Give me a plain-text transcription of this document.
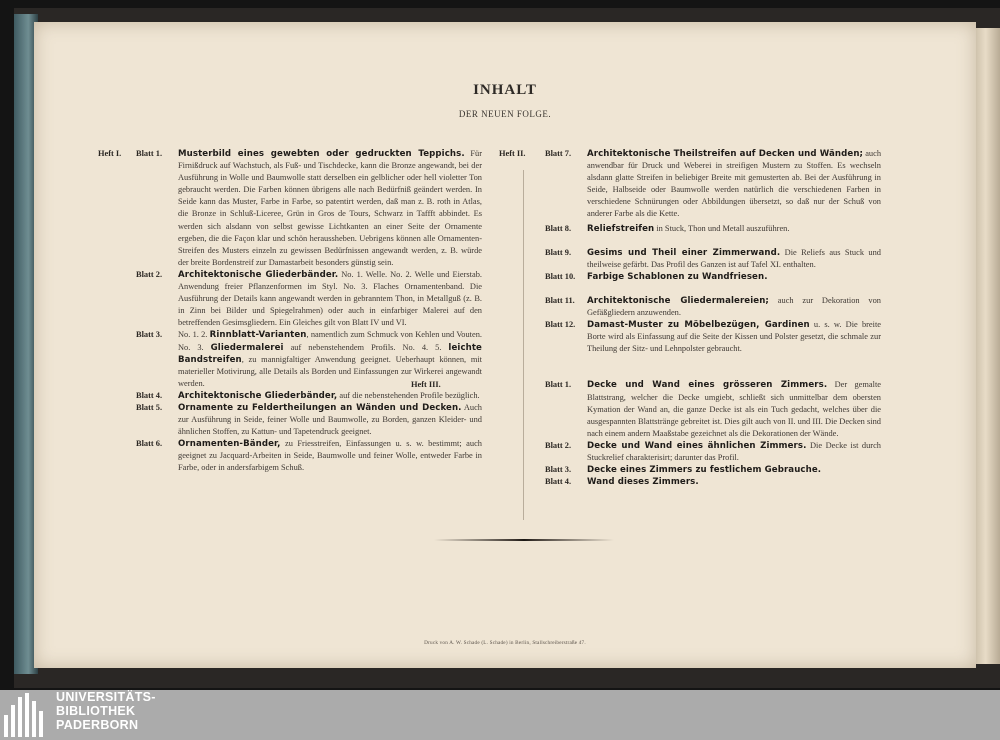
INHALT
DER NEUEN FOLGE.
Heft I. Blatt 1. Musterbild eines gewebten oder gedruckten Teppichs. Für Firnißdruck auf Wachstuch, als Fuß- und Tischdecke, kann die Bronze angewandt, bei der Ausführung in Wolle und Baumwolle statt derselben ein gelblicher oder hell violetter Ton gebraucht werden. Die Farben können übrigens alle nach Bedürfniß geändert werden. In Seide kann das Muster, Farbe in Farbe, so patentirt werden, daß man z. B. roth in Atlas, die Bronze in Schluß-Liceree, Grün in Gros de Tours, Schwarz in Taffft abbindet. Es werden sich alsdann von selbst gewisse Lichtkanten an einer Seite der Ornamente ergeben, die die Façon klar und schön heraussheben. Uebrigens können alle Ornamenten-Streifen des Musters einzeln zu gewissen Bedürfnissen angewandt werden, z. B. würde der breite Bordenstreif zur Damastarbeit besonders günstig sein.
Blatt 2. Architektonische Gliederbänder. No. 1. Welle. No. 2. Welle und Eierstab. Anwendung freier Pflanzenformen im Styl. No. 3. Flaches Ornamentenband. Die Ausführung der Details kann angewandt werden in gebranntem Thon, in Metallguß (z. B. in Zinn bei Bilder und Spiegelrahmen) oder auch in einfarbiger Malerei auf den betreffenden Gesimsgliedern. Ein Gleiches gilt von Blatt IV und VI.
Blatt 3. No. 1. 2. Rinnblatt-Varianten, namentlich zum Schmuck von Kehlen und Vouten. No. 3. Gliedermalerei auf nebenstehendem Profils. No. 4. 5. leichte Bandstreifen, zu mannigfaltiger Anwendung geeignet. Ueberhaupt können, mit materieller Motivirung, alle Details als Borden und Einfassungen zur Wirkerei angewandt werden.
Blatt 4. Architektonische Gliederbänder, auf die nebenstehenden Profile bezüglich.
Blatt 5. Ornamente zu Feldertheilungen an Wänden und Decken. Auch zur Ausführung in Seide, feiner Wolle und Baumwolle, zu Borden, ganzen Kleider- und ähnlichen Stoffen, zu Kattun- und Tapetendruck geeignet.
Blatt 6. Ornamenten-Bänder, zu Friesstreifen, Einfassungen u. s. w. bestimmt; auch geeignet zu Jacquard-Arbeiten in Seide, Baumwolle und feiner Wolle, entweder Farbe in Farbe, oder in andersfarbigem Schuß.
Heft II. Blatt 7. Architektonische Theilstreifen auf Decken und Wänden; auch anwendbar für Druck und Weberei in streifigen Mustern zu Stoffen. Es wechseln alsdann glatte Streifen in beliebiger Breite mit gemusterten ab. Bei der Ausführung in Seide, Halbseide oder Baumwolle werden natürlich die verschiedenen Farben in verschiedene Schnürungen oder Abbildungen übersetzt, so daß nur der Schuß von anderer Farbe als die Kette.
Blatt 8. Reliefstreifen in Stuck, Thon und Metall auszuführen.
Blatt 9. Gesims und Theil einer Zimmerwand. Die Reliefs aus Stuck und theilweise gefärbt. Das Profil des Ganzen ist auf Tafel XI. enthalten.
Blatt 10. Farbige Schablonen zu Wandfriesen.
Blatt 11. Architektonische Gliedermalereien; auch zur Dekoration von Gefäßgliedern anzuwenden.
Blatt 12. Damast-Muster zu Möbelbezügen, Gardinen u. s. w. Die breite Borte wird als Einfassung auf die Seite der Kissen und Polster gesetzt, die schmale zur Theilung der Sitz- und Lehnpolster gebraucht.
Heft III.	Blatt 1. Decke und Wand eines grösseren Zimmers. Der gemalte Blattstrang, welcher die Decke umgiebt, schließt sich unmittelbar dem obersten Kymation der Wand an, die ganze Decke ist als ein Tuch gedacht, welches über die ausgespannten Blattstränge gebreitet ist. Dies gilt auch von II. und III. Die Decken sind nach einem andern Maaßstabe gezeichnet als die Dekorationen der Wände.
Blatt 2. Decke und Wand eines ähnlichen Zimmers. Die Decke ist durch Stuckrelief charakterisirt; darunter das Profil.
Blatt 3. Decke eines Zimmers zu festlichem Gebrauche.
Blatt 4. Wand dieses Zimmers.
Druck von A. W. Schade (L. Schade) in Berlin, Stallschreiberstraße 47.
UNIVERSITÄTS-
BIBLIOTHEK
PADERBORN
